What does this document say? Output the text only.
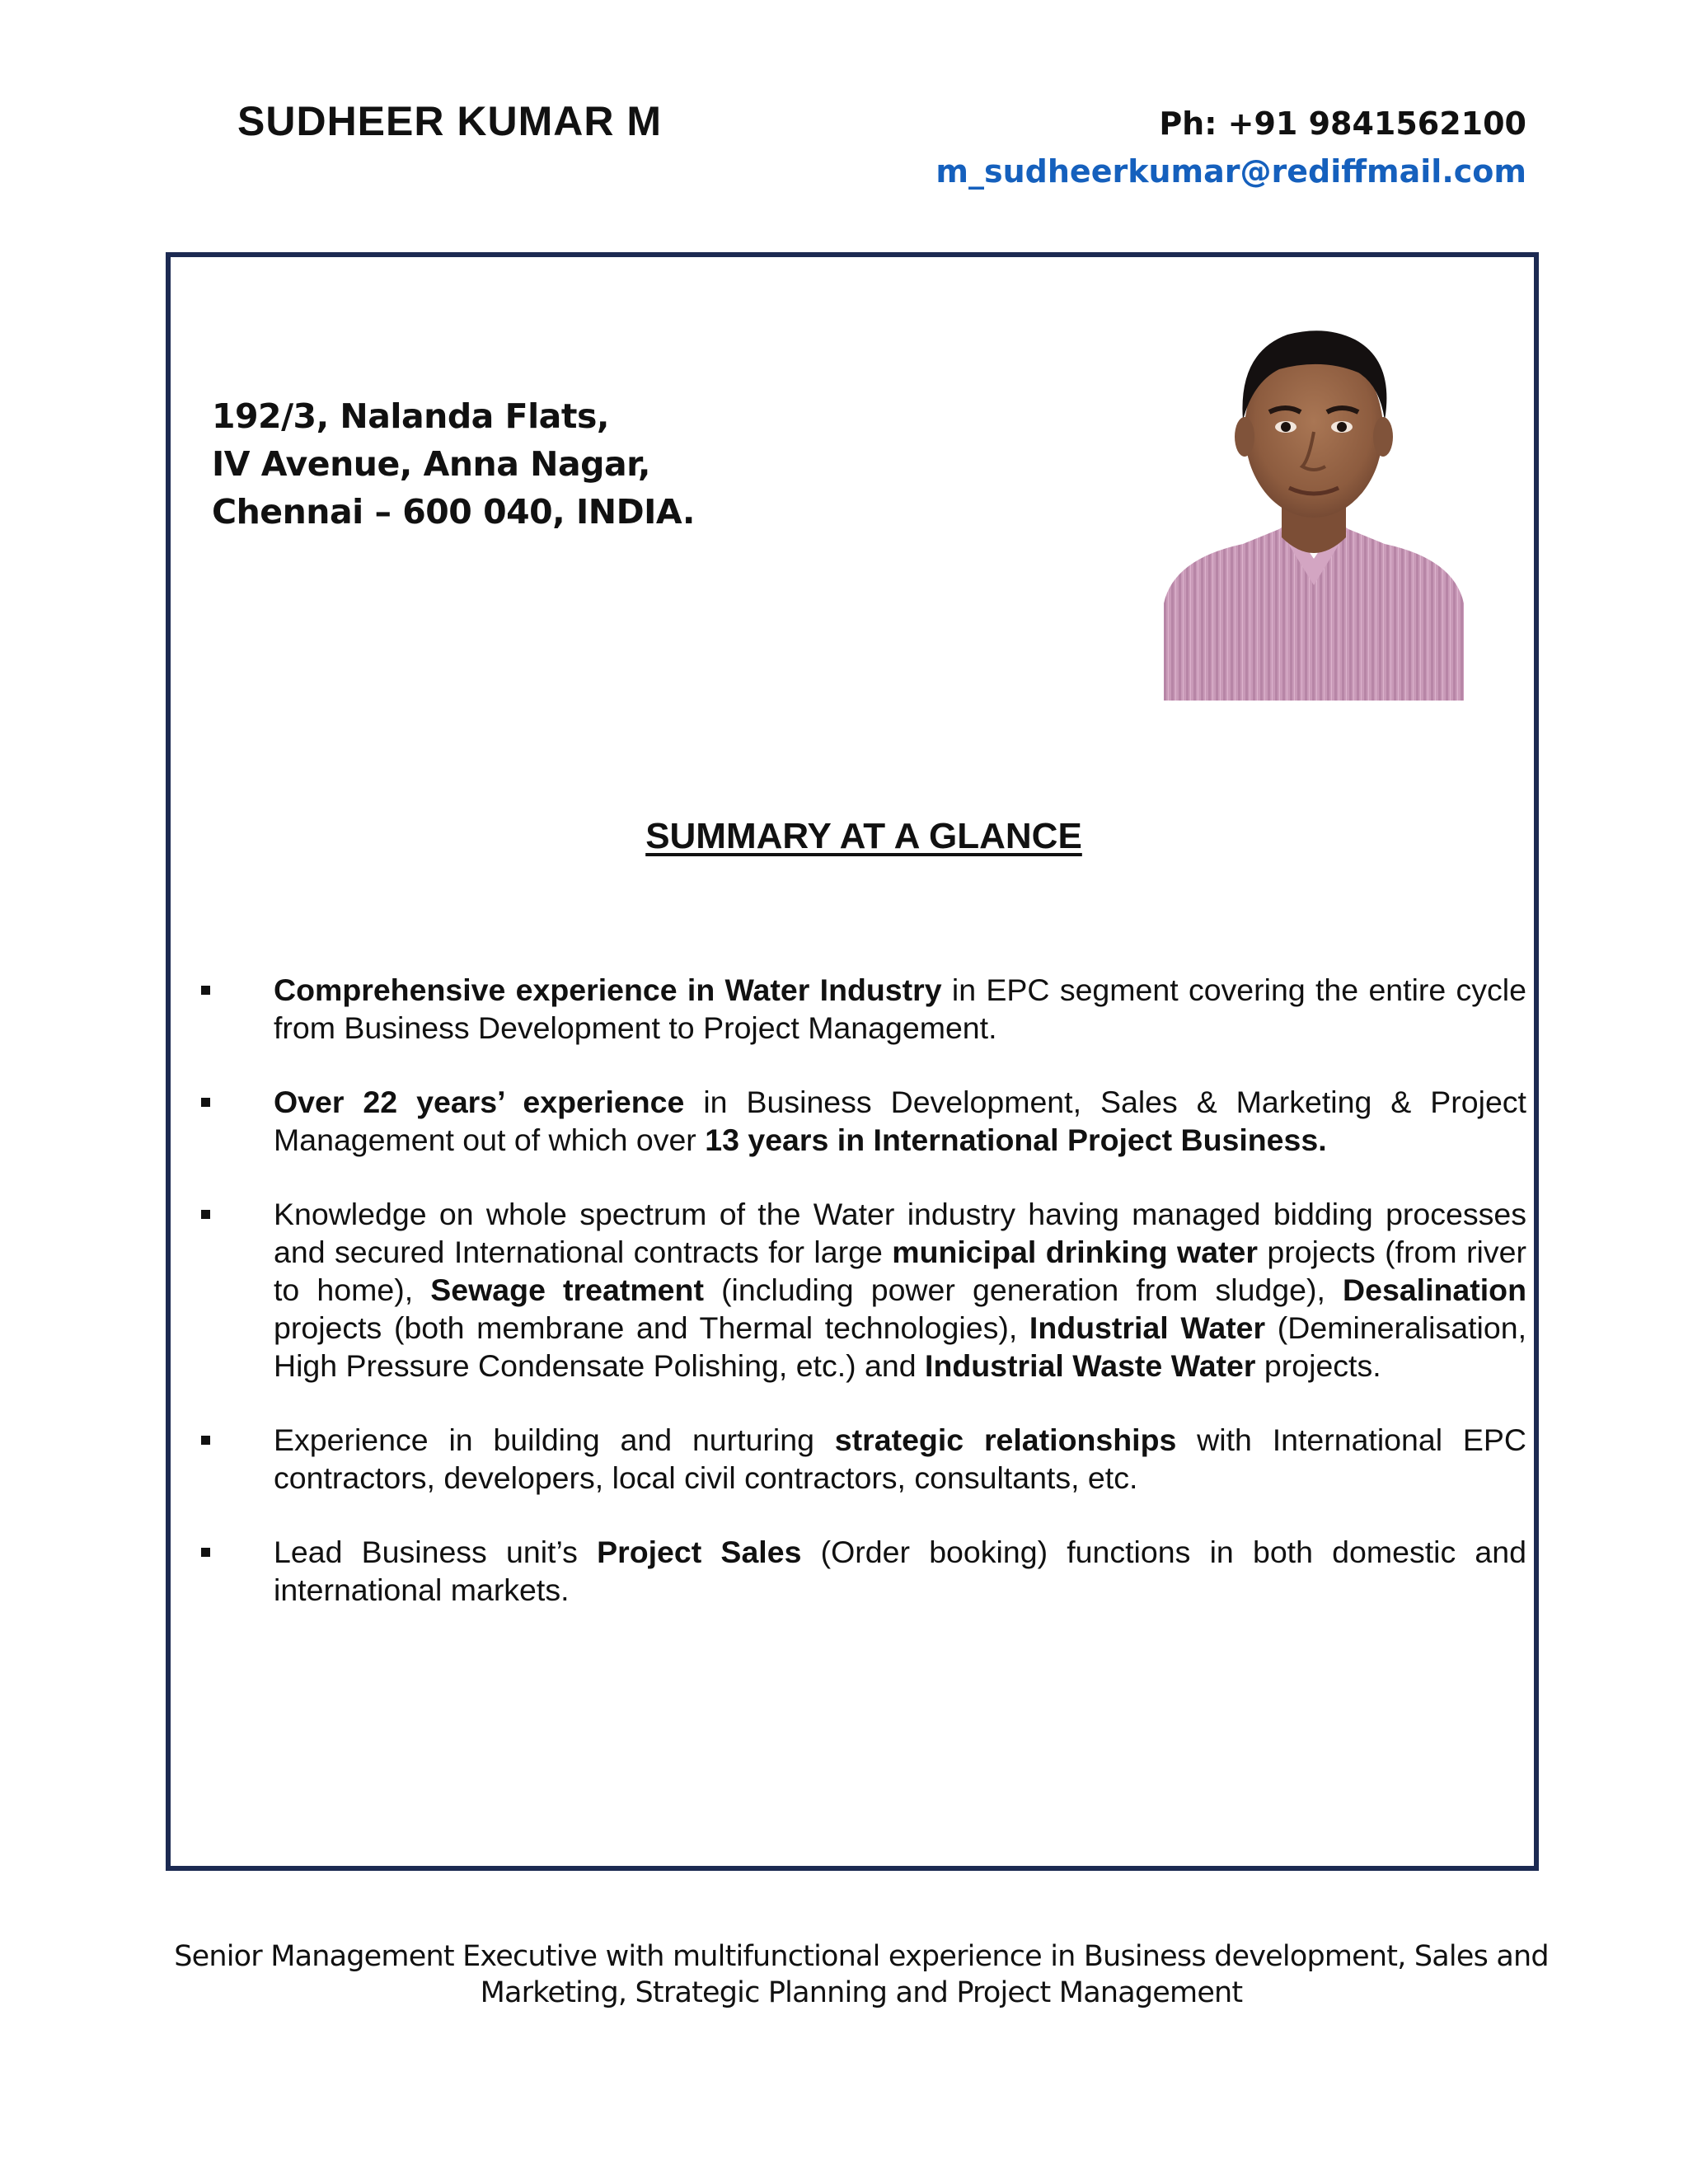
SUDHEER KUMAR M	Ph: +91 9841562100
m_sudheerkumar@rediffmail.com
192/3, Nalanda Flats,
IV Avenue, Anna Nagar,
Chennai – 600 040, INDIA.
SUMMARY AT A GLANCE
Comprehensive experience in Water Industry in EPC segment covering the entire cycle from Business Development to Project Management.
Over 22 years’ experience in Business Development, Sales & Marketing & Project Management out of which over 13 years in International Project Business.
Knowledge on whole spectrum of the Water industry having managed bidding processes and secured International contracts for large municipal drinking water projects (from river to home), Sewage treatment (including power generation from sludge), Desalination projects (both membrane and Thermal technologies), Industrial Water (Demineralisation, High Pressure Condensate Polishing, etc.) and Industrial Waste Water projects.
Experience in building and nurturing strategic relationships with International EPC contractors, developers, local civil contractors, consultants, etc.
Lead Business unit’s Project Sales (Order booking) functions in both domestic and international markets.
Senior Management Executive with multifunctional experience in Business development, Sales and
Marketing, Strategic Planning and Project Management
